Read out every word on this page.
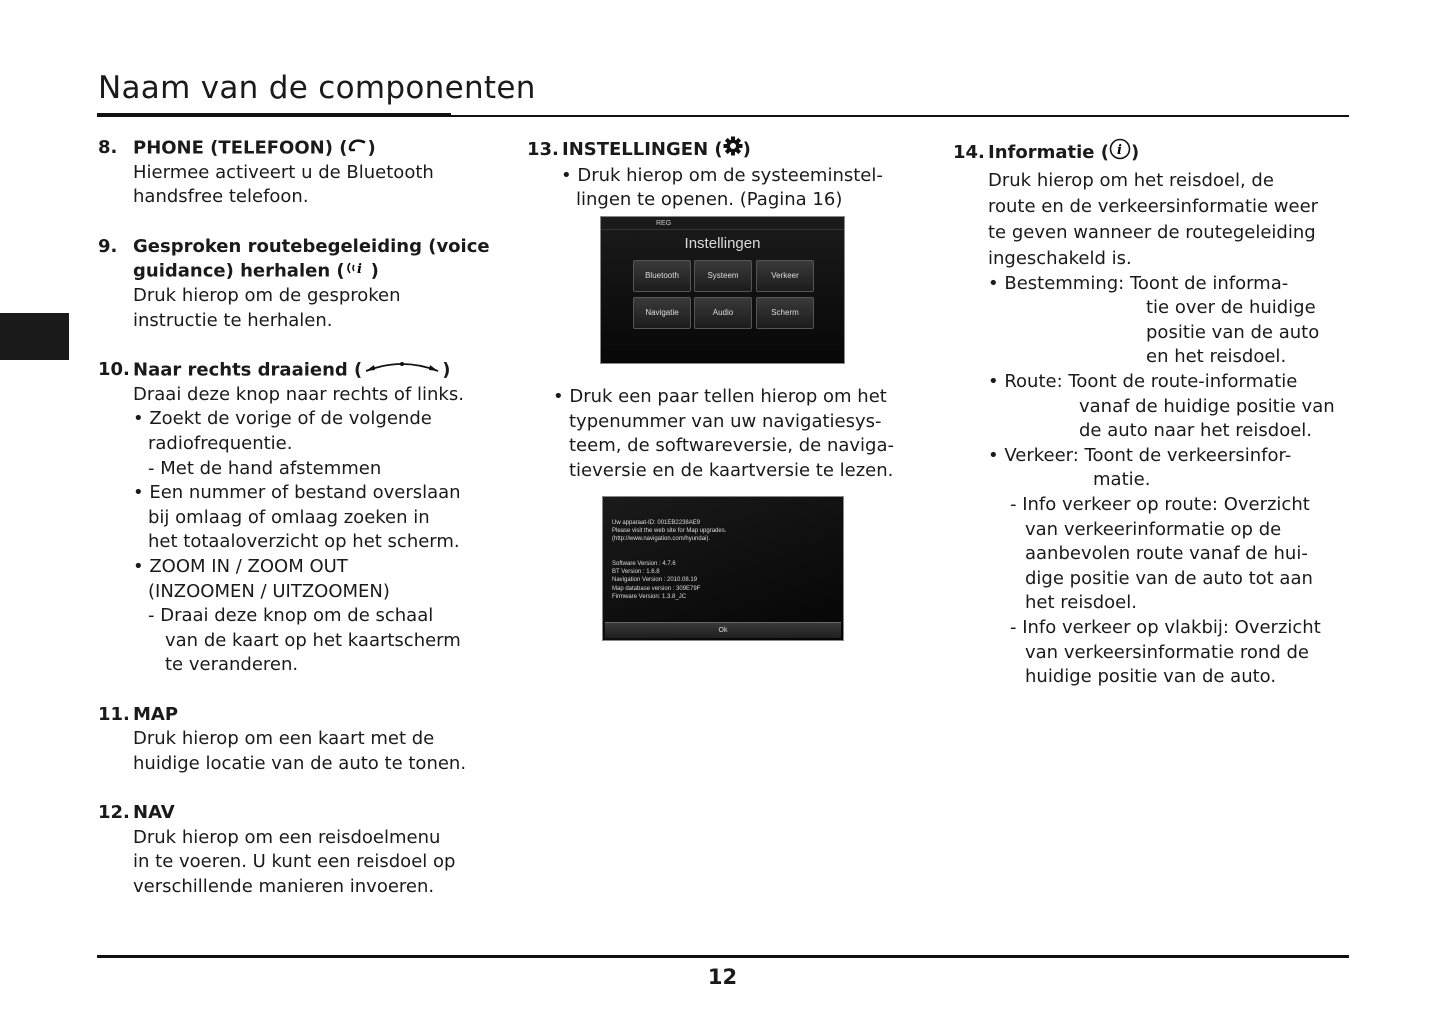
Naam van de componenten
8. PHONE (TELEFOON) ( )
Hiermee activeert u de Bluetooth
handsfree telefoon.
9. Gesproken routebegeleiding (voice
guidance) herhalen ( i )
Druk hierop om de gesproken
instructie te herhalen.
10. Naar rechts draaiend (	)
Draai deze knop naar rechts of links.
• Zoekt de vorige of de volgende
radiofrequentie.
- Met de hand afstemmen
• Een nummer of bestand overslaan
bij omlaag of omlaag zoeken in
het totaaloverzicht op het scherm.
• ZOOM IN / ZOOM OUT
(INZOOMEN / UITZOOMEN)
- Draai deze knop om de schaal
van de kaart op het kaartscherm
te veranderen.
11. MAP
Druk hierop om een kaart met de
huidige locatie van de auto te tonen.
12. NAV
Druk hierop om een reisdoelmenu
in te voeren. U kunt een reisdoel op
verschillende manieren invoeren.
13. INSTELLINGEN ( )
• Druk hierop om de systeeminstel-
lingen te openen. (Pagina 16)
• Druk een paar tellen hierop om het
typenummer van uw navigatiesys-
teem, de softwareversie, de naviga-
tieversie en de kaartversie te lezen.
14. Informatie ( i )
Druk hierop om het reisdoel, de
route en de verkeersinformatie weer
te geven wanneer de routegeleiding
ingeschakeld is.
• Bestemming: Toont de informa-
tie over de huidige
positie van de auto
en het reisdoel.
• Route: Toont de route-informatie
vanaf de huidige positie van
de auto naar het reisdoel.
• Verkeer: Toont de verkeersinfor-
matie.
- Info verkeer op route: Overzicht
van verkeerinformatie op de
aanbevolen route vanaf de hui-
dige positie van de auto tot aan
het reisdoel.
- Info verkeer op vlakbij: Overzicht
van verkeersinformatie rond de
huidige positie van de auto.
REG
Instellingen
Bluetooth	Systeem	Verkeer
Navigatie	Audio	Scherm
Uw apparaat-ID: 001EB2238AE9
Please visit the web site for Map upgrades.
(http://www.navigation.com/hyundai).
Software Version : 4.7.6
BT Version : 1.6.8
Navigation Version : 2010.08.19
Map database version : 309E79F
Firmware Version: 1.3.8_JC
Ok
12
